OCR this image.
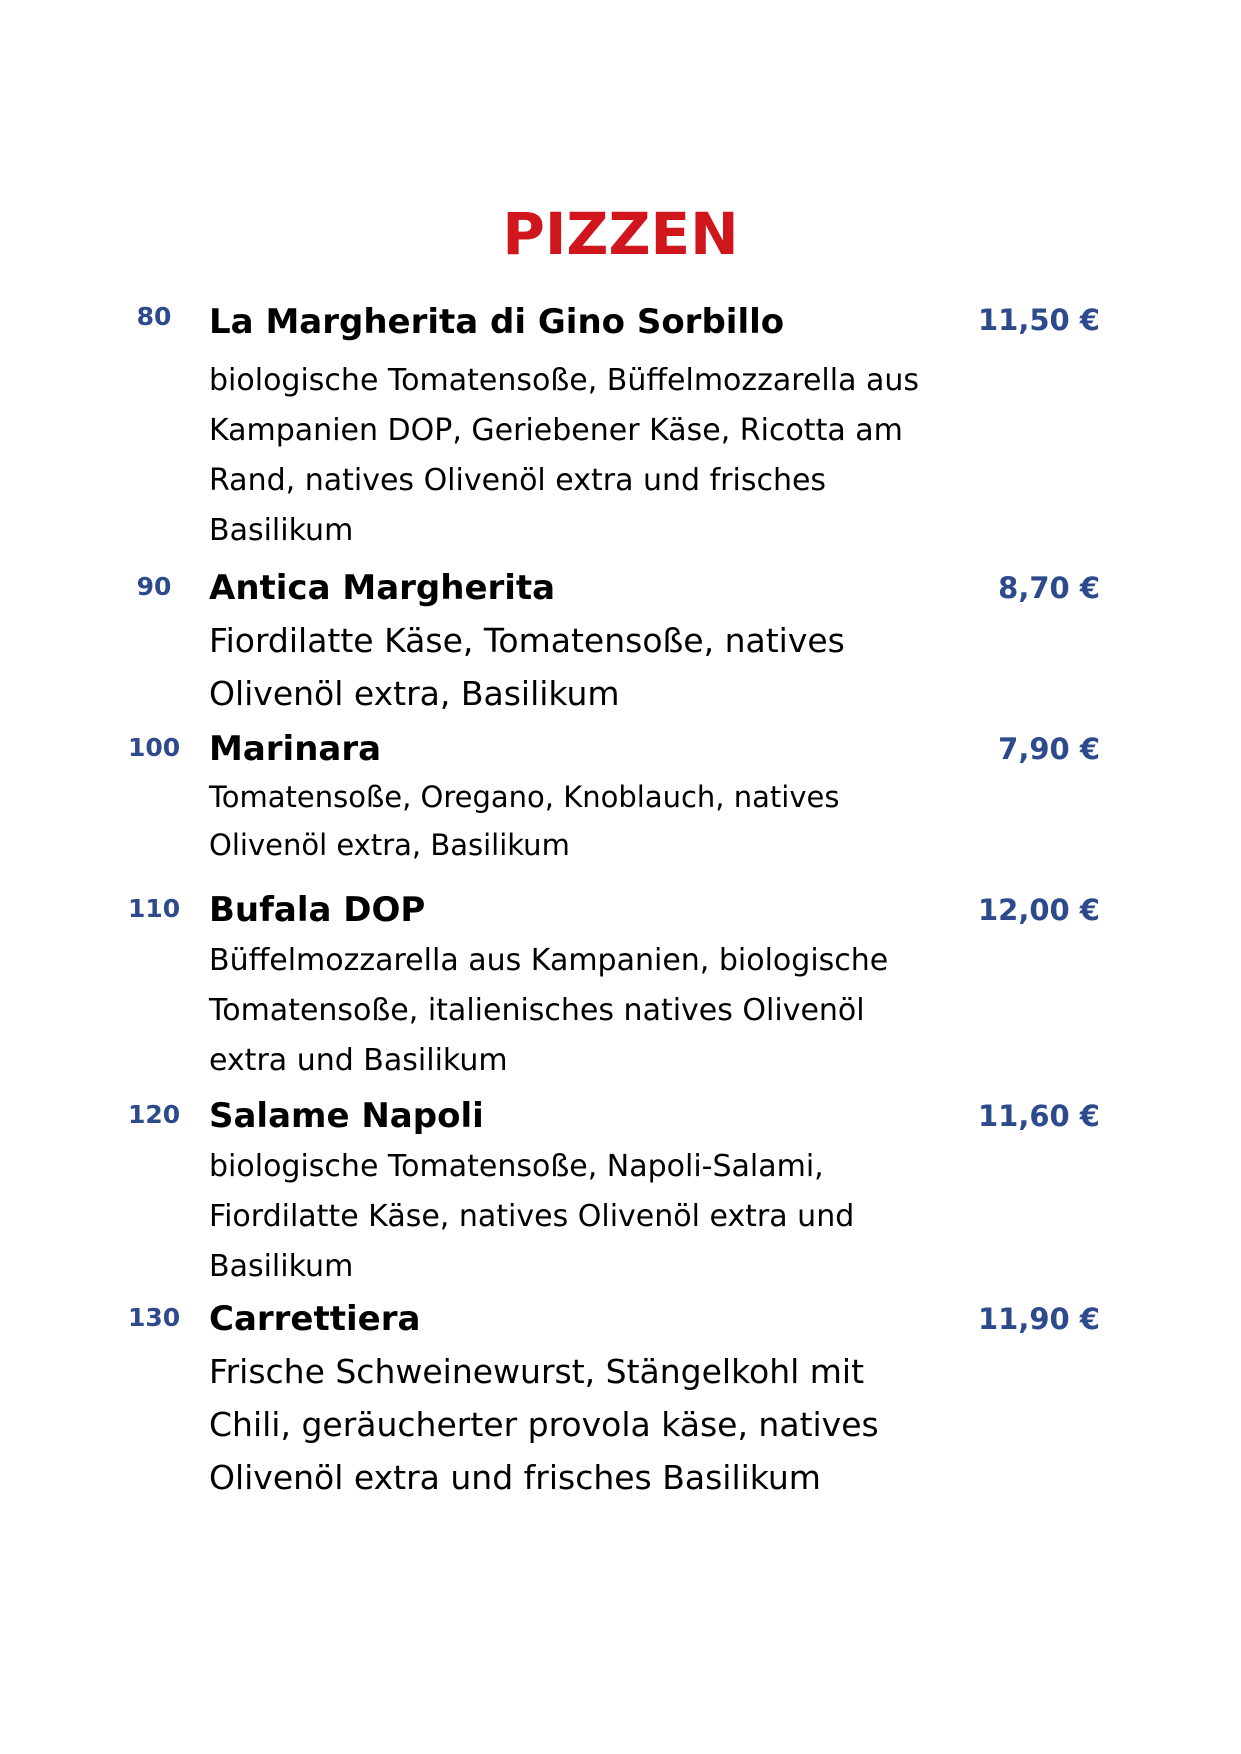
PIZZEN
80 La Margherita di Gino Sorbillo	11,50 €

biologische Tomatensoße, Büffelmozzarella aus Kampanien DOP, Geriebener Käse, Ricotta am Rand, natives Olivenöl extra und frisches Basilikum

90 Antica Margherita	8,70 €

Fiordilatte Käse, Tomatensoße, natives Olivenöl extra, Basilikum

100 Marinara	7,90 €

Tomatensoße, Oregano, Knoblauch, natives Olivenöl extra, Basilikum

110 Bufala DOP	12,00 €

Büffelmozzarella aus Kampanien, biologische Tomatensoße, italienisches natives Olivenöl extra und Basilikum

120 Salame Napoli	11,60 €

biologische Tomatensoße, Napoli-Salami, Fiordilatte Käse, natives Olivenöl extra und Basilikum

130 Carrettiera	11,90 €

Frische Schweinewurst, Stängelkohl mit Chili, geräucherter provola käse, natives Olivenöl extra und frisches Basilikum
